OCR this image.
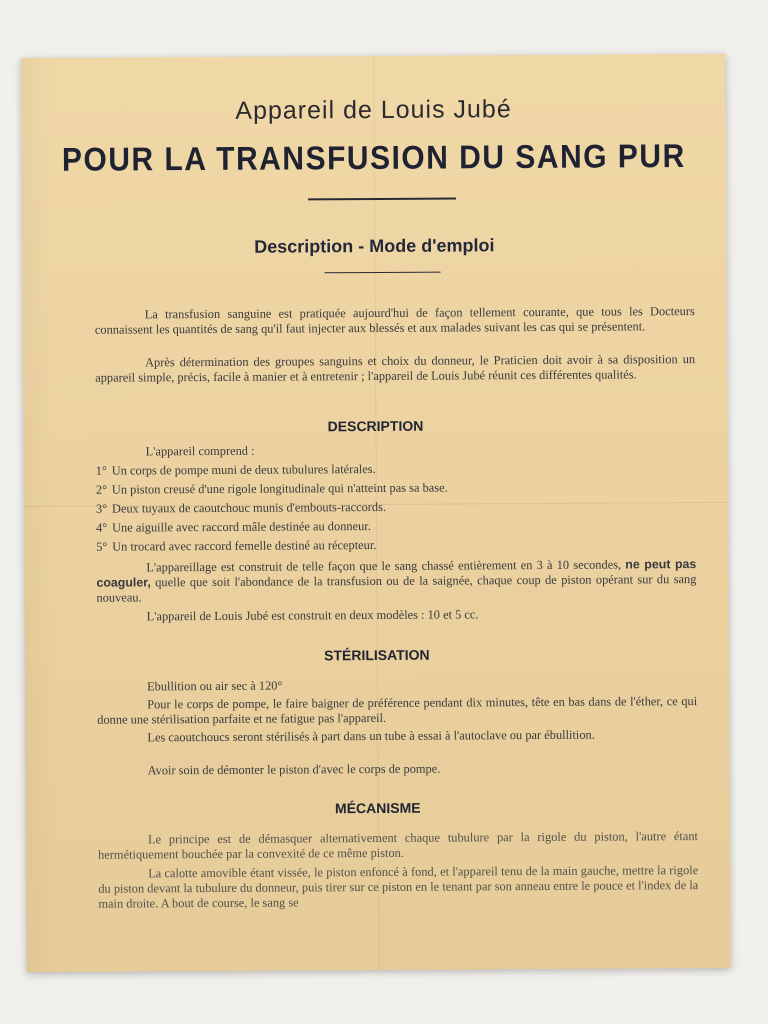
Appareil de Louis Jubé
POUR LA TRANSFUSION DU SANG PUR
Description - Mode d'emploi
La transfusion sanguine est pratiquée aujourd'hui de façon tellement courante, que tous les Docteurs connaissent les quantités de sang qu'il faut injecter aux blessés et aux malades suivant les cas qui se présentent.
Après détermination des groupes sanguins et choix du donneur, le Praticien doit avoir à sa disposition un appareil simple, précis, facile à manier et à entretenir ; l'appareil de Louis Jubé réunit ces différentes qualités.
DESCRIPTION
L'appareil comprend :
1° Un corps de pompe muni de deux tubulures latérales.
2° Un piston creusé d'une rigole longitudinale qui n'atteint pas sa base.
3° Deux tuyaux de caoutchouc munis d'embouts-raccords.
4° Une aiguille avec raccord mâle destinée au donneur.
5° Un trocard avec raccord femelle destiné au récepteur.
L'appareillage est construit de telle façon que le sang chassé entièrement en 3 à 10 secondes, ne peut pas coaguler, quelle que soit l'abondance de la transfusion ou de la saignée, chaque coup de piston opérant sur du sang nouveau.
L'appareil de Louis Jubé est construit en deux modèles : 10 et 5 cc.
STÉRILISATION
Ebullition ou air sec à 120°
Pour le corps de pompe, le faire baigner de préférence pendant dix minutes, tête en bas dans de l'éther, ce qui donne une stérilisation parfaite et ne fatigue pas l'appareil.
Les caoutchoucs seront stérilisés à part dans un tube à essai à l'autoclave ou par ébullition.
Avoir soin de démonter le piston d'avec le corps de pompe.
MÉCANISME
Le principe est de démasquer alternativement chaque tubulure par la rigole du piston, l'autre étant hermétiquement bouchée par la convexité de ce même piston.
La calotte amovible étant vissée, le piston enfoncé à fond, et l'appareil tenu de la main gauche, mettre la rigole du piston devant la tubulure du donneur, puis tirer sur ce piston en le tenant par son anneau entre le pouce et l'index de la main droite. A bout de course, le sang se
